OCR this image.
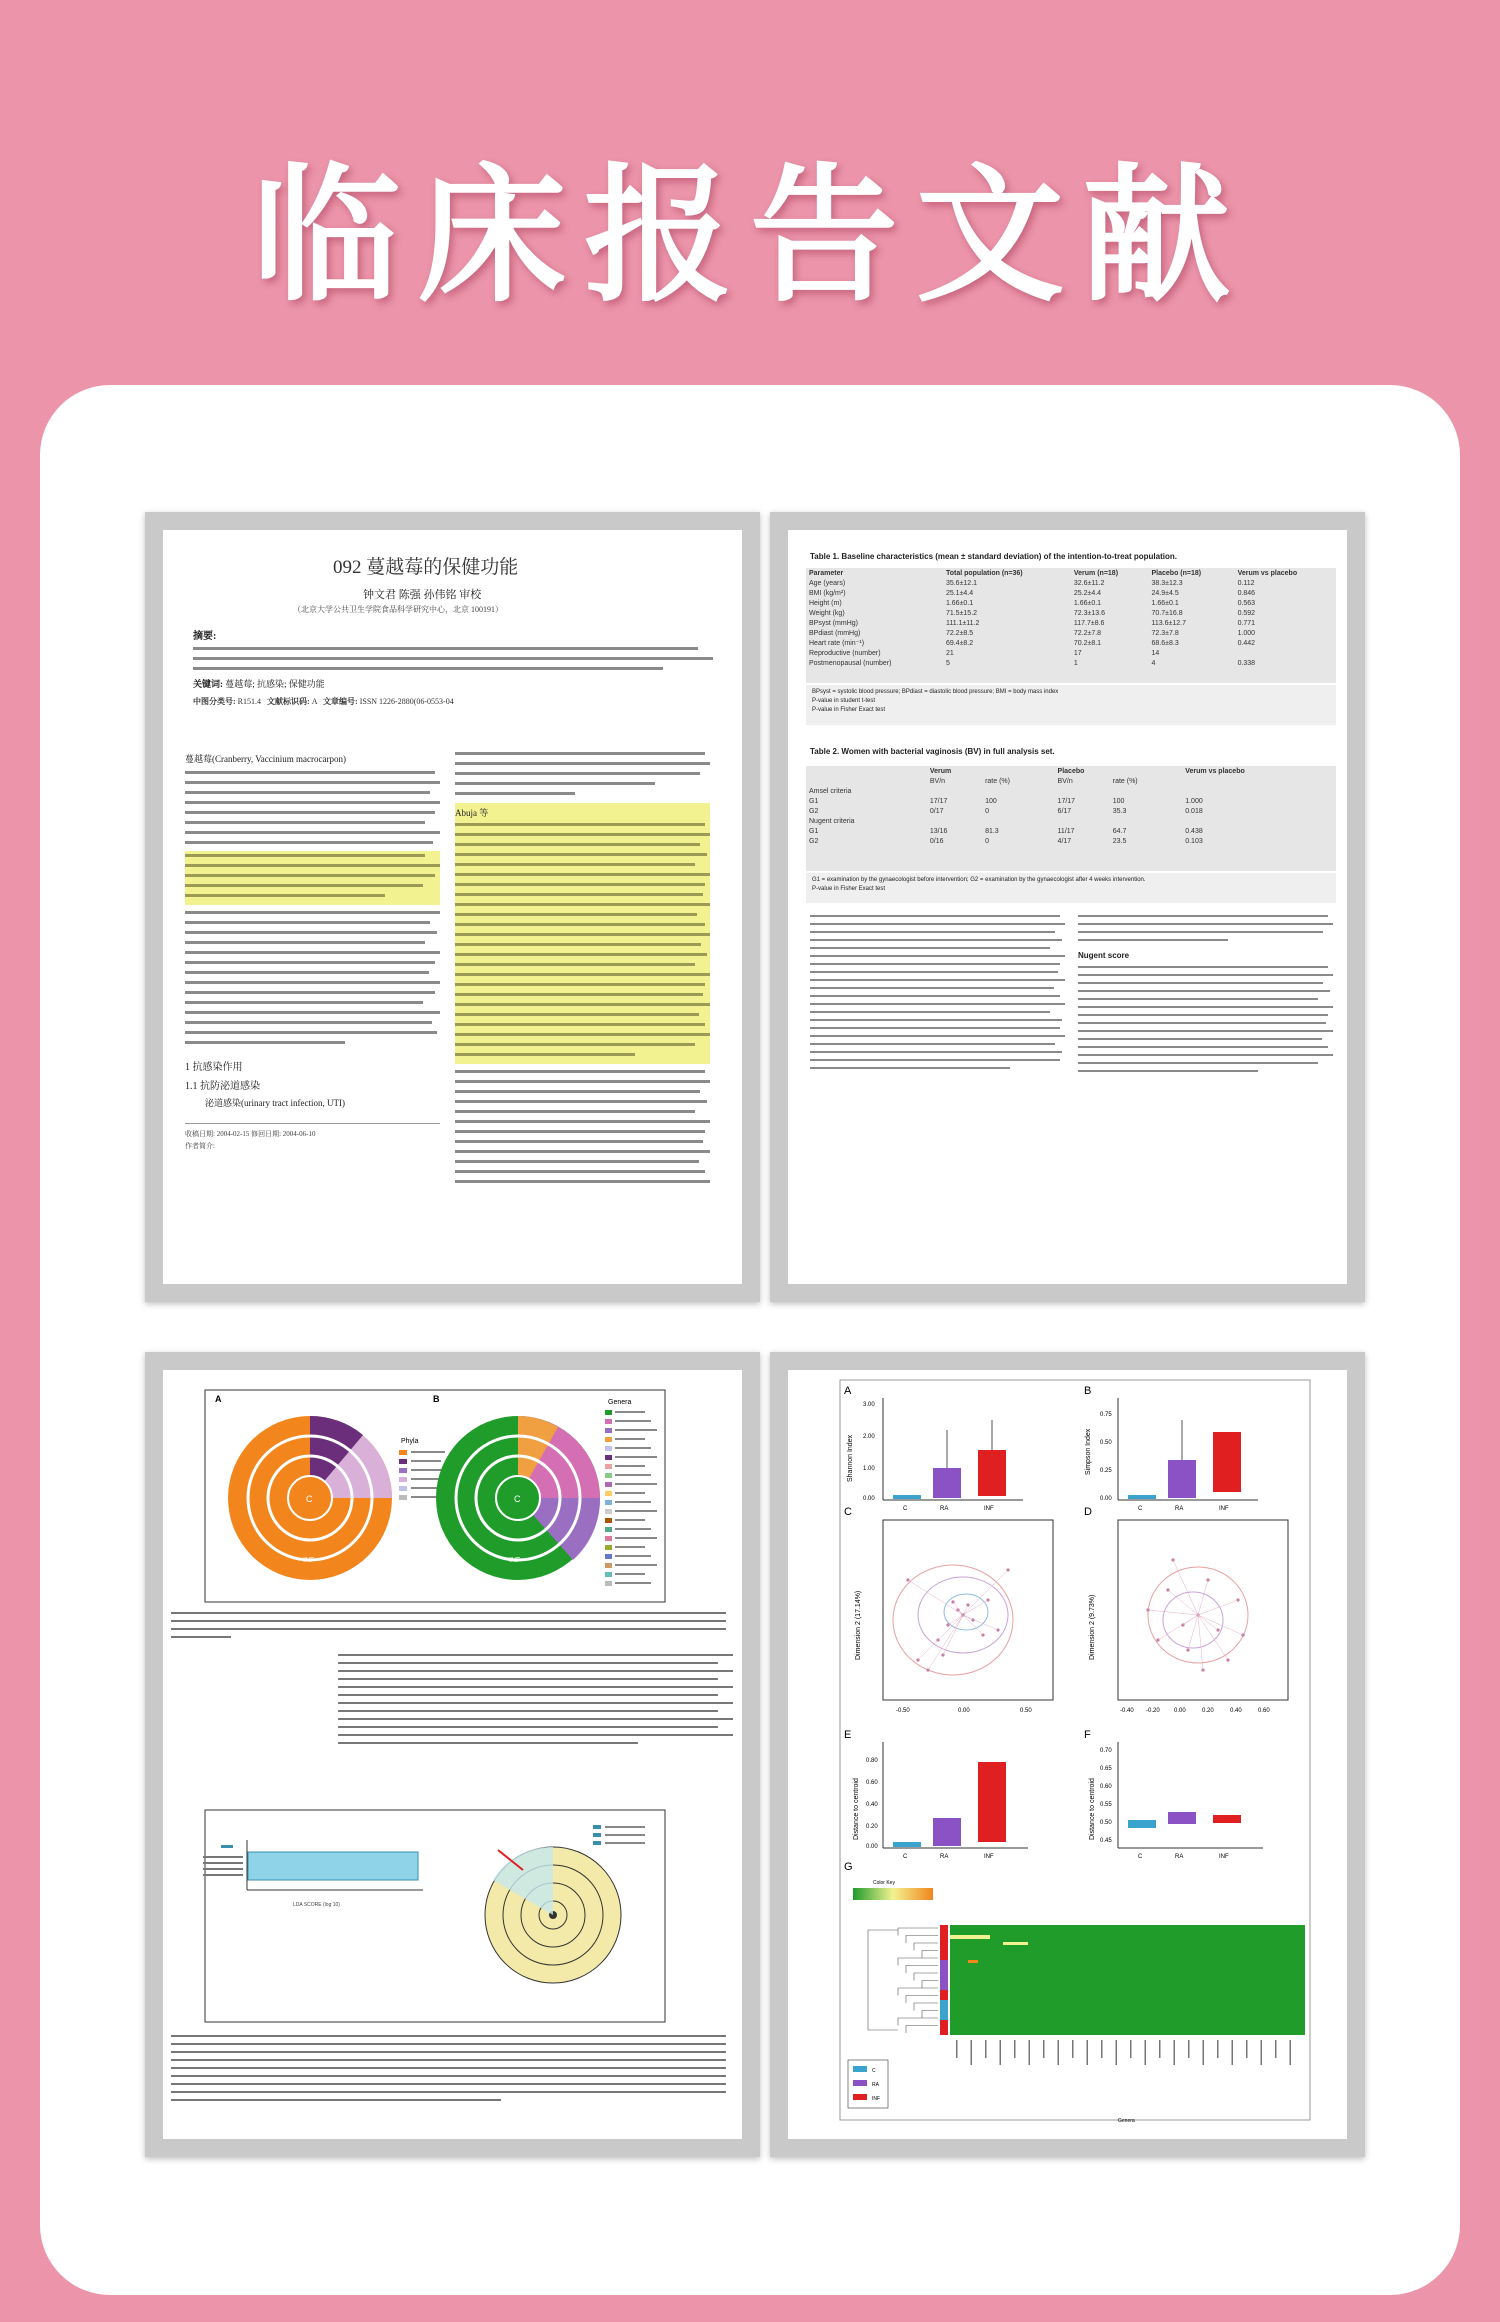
临床报告文献
092 蔓越莓的保健功能
钟文君 陈强 孙伟铭 审校
（北京大学公共卫生学院食品科学研究中心，北京 100191）
摘要:
关键词: 蔓越莓; 抗感染; 保健功能
中图分类号: R151.4 文献标识码: A 文章编号: ISSN 1226-2880(06-0553-04
蔓越莓(Cranberry, Vaccinium macrocarpon)
1 抗感染作用
1.1 抗防泌道感染
泌道感染(urinary tract infection, UTI)
收稿日期: 2004-02-15 修回日期: 2004-06-10
作者简介:
Abuja 等
Table 1. Baseline characteristics (mean ± standard deviation) of the intention-to-treat population.
Parameter	Total population (n=36)	Verum (n=18)	Placebo (n=18)	Verum vs placebo
Age (years)	35.6±12.1	32.6±11.2	38.3±12.3	0.112
BMI (kg/m²)	25.1±4.4	25.2±4.4	24.9±4.5	0.846
Height (m)	1.66±0.1	1.66±0.1	1.66±0.1	0.563
Weight (kg)	71.5±15.2	72.3±13.6	70.7±16.8	0.592
BPsyst (mmHg)	111.1±11.2	117.7±8.6	113.6±12.7	0.771
BPdiast (mmHg)	72.2±8.5	72.2±7.8	72.3±7.8	1.000
Heart rate (min⁻¹)	69.4±8.2	70.2±8.1	68.6±8.3	0.442
Reproductive (number)	21	17	14	
Postmenopausal (number)	5	1	4	0.338
BPsyst = systolic blood pressure; BPdiast = diastolic blood pressure; BMI = body mass index
P-value in student t-test
P-value in Fisher Exact test
Table 2. Women with bacterial vaginosis (BV) in full analysis set.
	Verum		Placebo		Verum vs placebo
	BV/n	rate (%)	BV/n	rate (%)	
Amsel criteria					
G1	17/17	100	17/17	100	1.000
G2	0/17	0	6/17	35.3	0.018
Nugent criteria					
G1	13/16	81.3	11/17	64.7	0.438
G2	0/16	0	4/17	23.5	0.103
G1 = examination by the gynaecologist before intervention; G2 = examination by the gynaecologist after 4 weeks intervention.
P-value in Fisher Exact test
Nugent score
A	B
C
INF
Phyla
C
INF
Genera
LDA SCORE (log 10)
A	B
C	D
E	F
G
Shannon Index
3.00
2.00
1.00
0.00
C	RA	INF
Simpson Index
0.75
0.50
0.25
0.00
C	RA	INF
Dimension 2 (17.14%)
-0.50	0.00	0.50
Dimension 2 (9.73%)
-0.40 -0.20 0.00	0.20	0.40	0.60
Distance to centroid
C	RA	INF
0.80
0.60
0.40
0.20
0.00
Distance to centroid
C	RA	INF
0.70
0.65
0.60
0.55
0.50
0.45
Color Key
Genera
C
RA
INF
